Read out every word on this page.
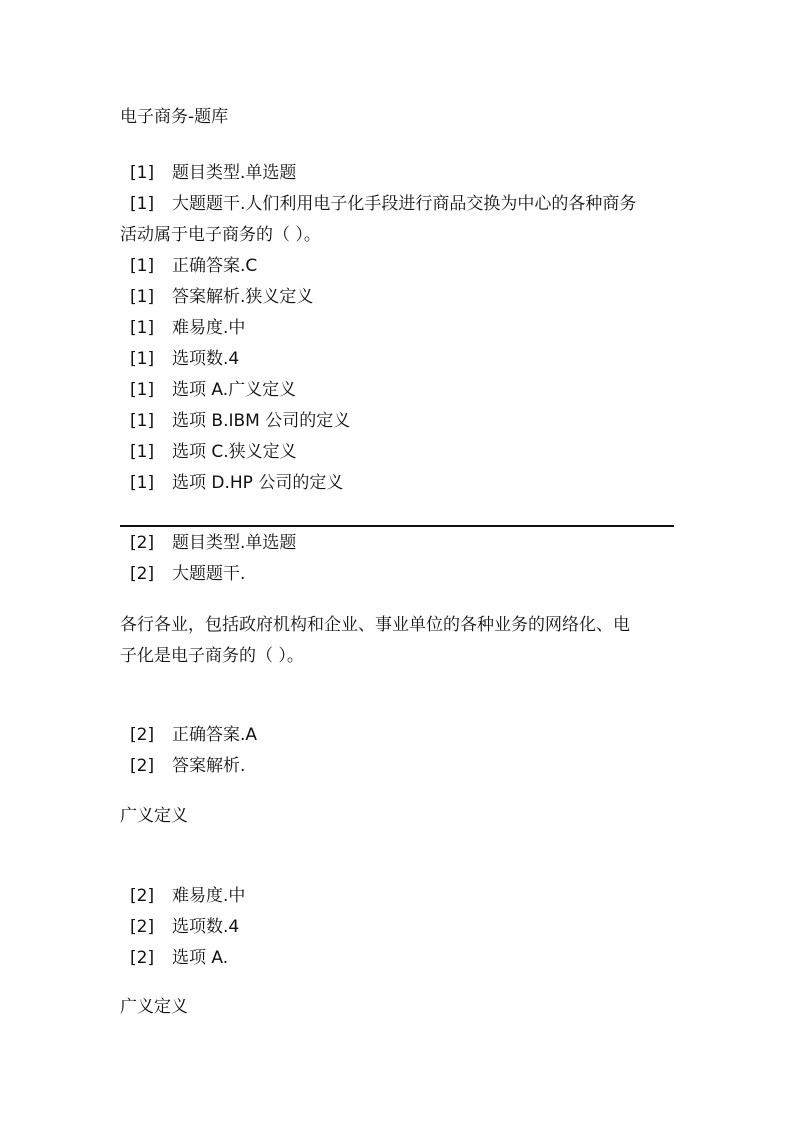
电子商务-题库
[1] 题目类型.单选题
[1] 大题题干.人们利用电子化手段进行商品交换为中心的各种商务
活动属于电子商务的（ ）。
[1] 正确答案.C
[1] 答案解析.狭义定义
[1] 难易度.中
[1] 选项数.4
[1] 选项 A.广义定义
[1] 选项 B.IBM 公司的定义
[1] 选项 C.狭义定义
[1] 选项 D.HP 公司的定义
[2] 题目类型.单选题
[2] 大题题干.
各行各业，包括政府机构和企业、事业单位的各种业务的网络化、电
子化是电子商务的（ ）。
[2] 正确答案.A
[2] 答案解析.
广义定义
[2] 难易度.中
[2] 选项数.4
[2] 选项 A.
广义定义
